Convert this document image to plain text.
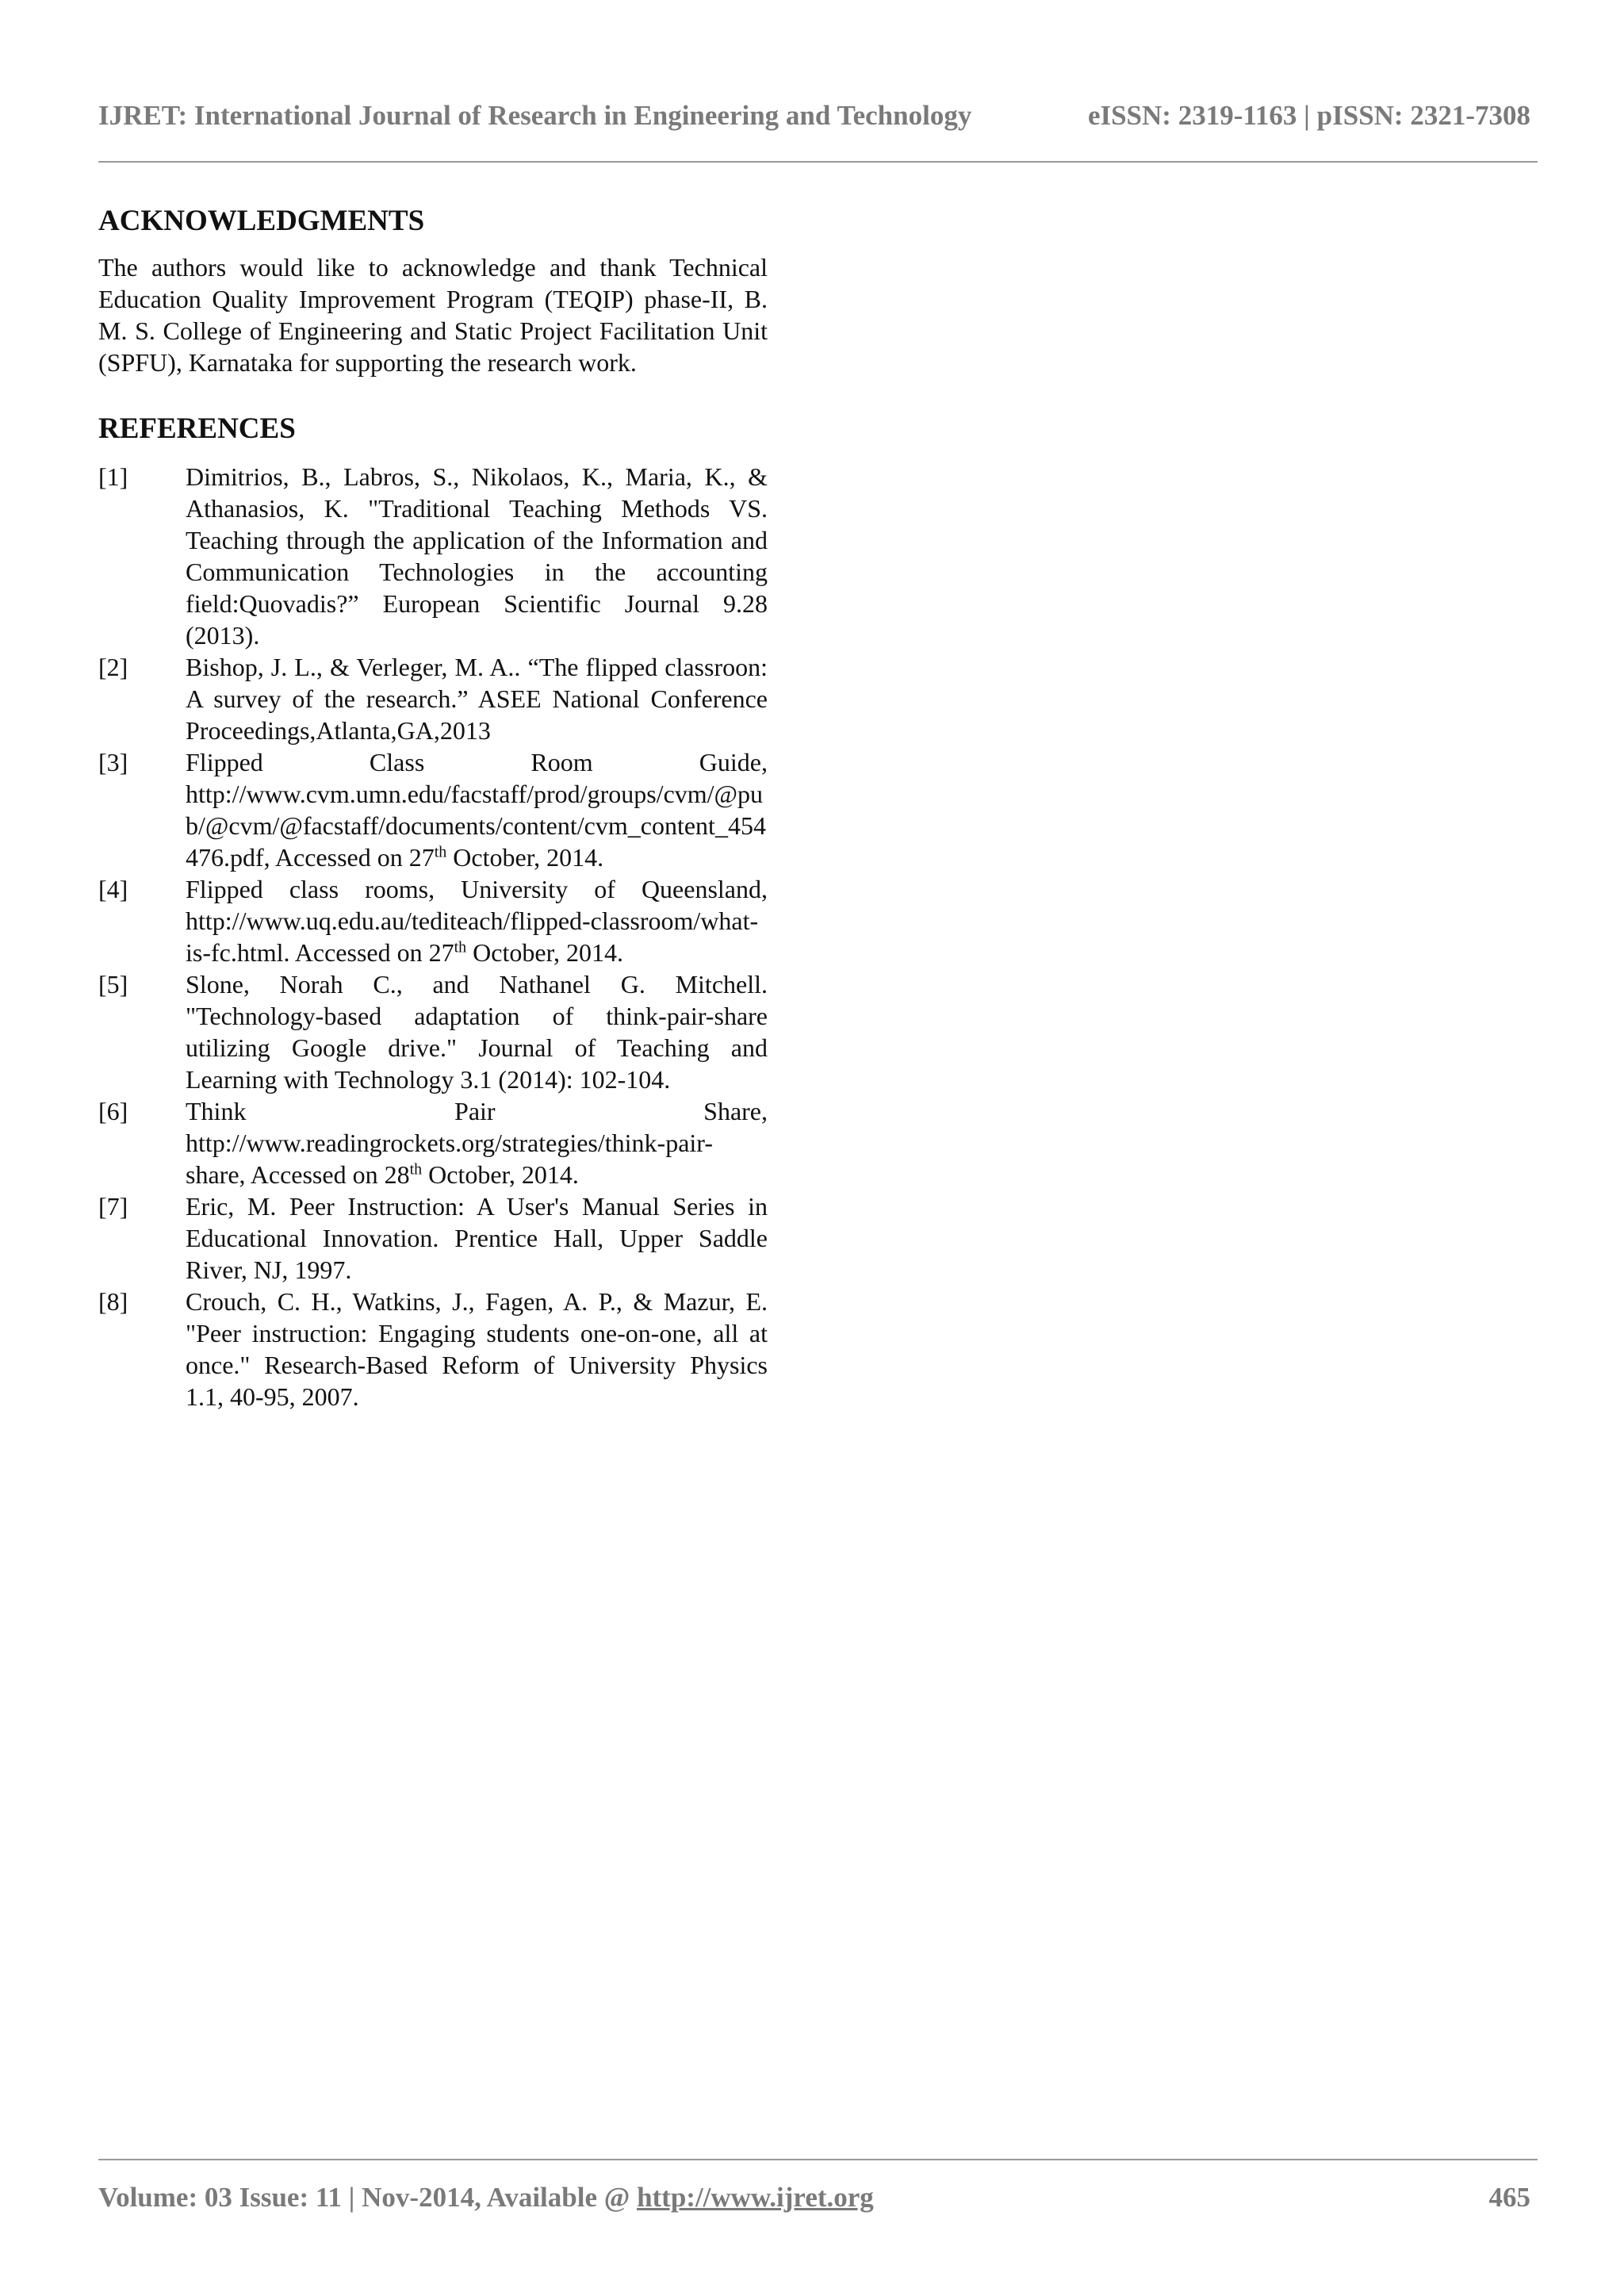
IJRET: International Journal of Research in Engineering and Technology	eISSN: 2319-1163 | pISSN: 2321-7308
ACKNOWLEDGMENTS

The authors would like to acknowledge and thank Technical Education Quality Improvement Program (TEQIP) phase-II, B. M. S. College of Engineering and Static Project Facilitation Unit (SPFU), Karnataka for supporting the research work.

REFERENCES
[1]	Dimitrios, B., Labros, S., Nikolaos, K., Maria, K., & Athanasios, K. "Traditional Teaching Methods VS. Teaching through the application of the Information and Communication Technologies in the accounting field:Quovadis?” European Scientific Journal 9.28 (2013).
[2]	Bishop, J. L., & Verleger, M. A.. “The flipped classroon: A survey of the research.” ASEE National Conference Proceedings,Atlanta,GA,2013
[3]	Flipped Class Room Guide, http://www.cvm.umn.edu/facstaff/prod/groups/cvm/@pub/@cvm/@facstaff/documents/content/cvm_content_454476.pdf, Accessed on 27th October, 2014.
[4]	Flipped class rooms, University of Queensland, http://www.uq.edu.au/tediteach/flipped-classroom/what-is-fc.html. Accessed on 27th October, 2014.
[5]	Slone, Norah C., and Nathanel G. Mitchell. "Technology-based adaptation of think-pair-share utilizing Google drive." Journal of Teaching and Learning with Technology 3.1 (2014): 102-104.
[6]	Think Pair Share, http://www.readingrockets.org/strategies/think-pair-share, Accessed on 28th October, 2014.
[7]	Eric, M. Peer Instruction: A User's Manual Series in Educational Innovation. Prentice Hall, Upper Saddle River, NJ, 1997.
[8]	Crouch, C. H., Watkins, J., Fagen, A. P., & Mazur, E. "Peer instruction: Engaging students one-on-one, all at once." Research-Based Reform of University Physics 1.1, 40-95, 2007.
Volume: 03 Issue: 11 | Nov-2014, Available @ http://www.ijret.org	465
